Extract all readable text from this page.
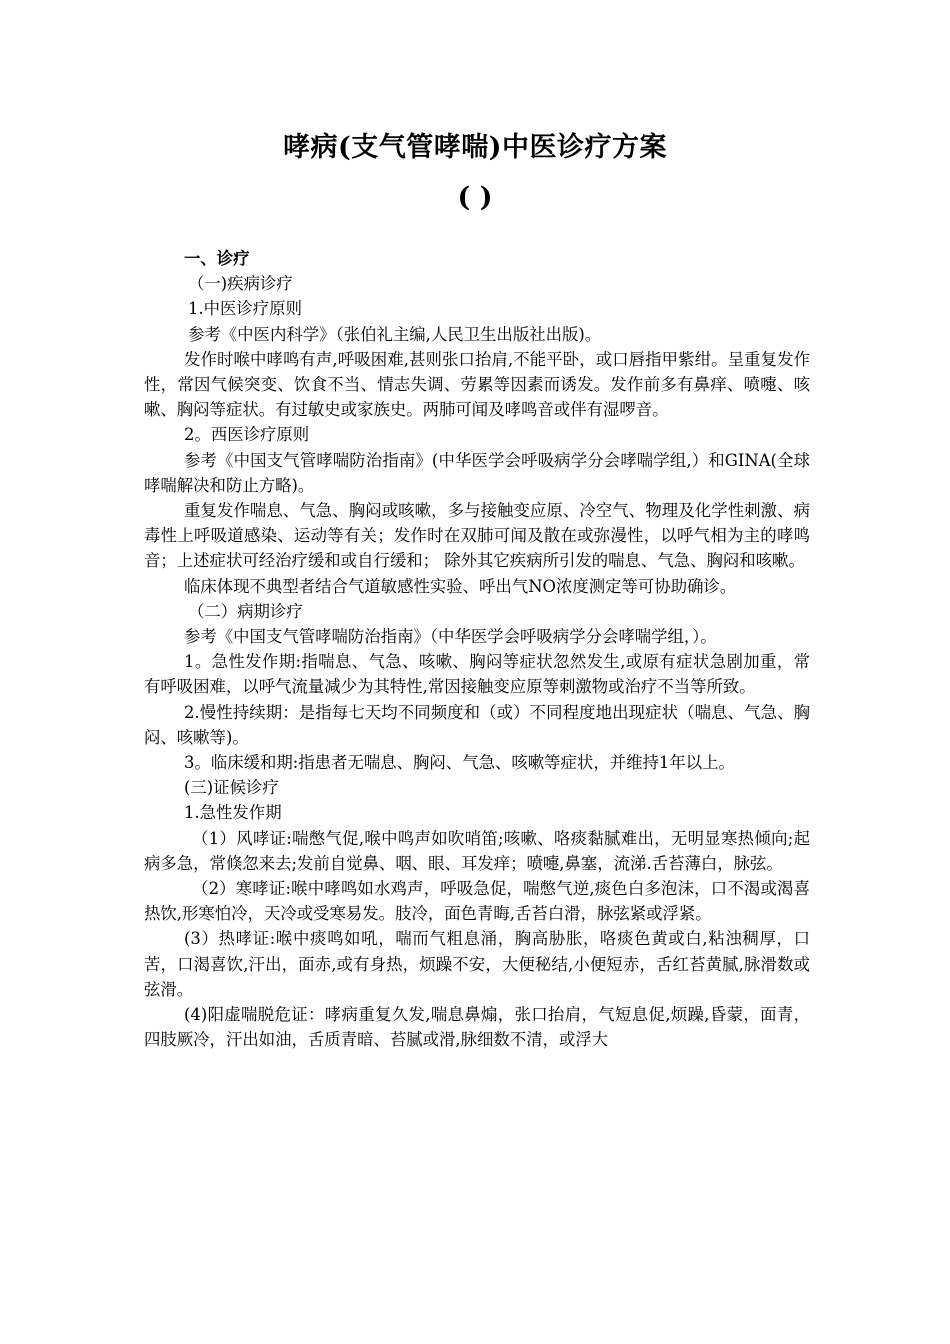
哮病(支气管哮喘)中医诊疗方案
( )

一、诊疗

（一)疾病诊疗

1.中医诊疗原则

参考《中医内科学》（张伯礼主编,人民卫生出版社出版)。

发作时喉中哮鸣有声,呼吸困难,甚则张口抬肩,不能平卧，或口唇指甲紫绀。呈重复发作性，常因气候突变、饮食不当、情志失调、劳累等因素而诱发。发作前多有鼻痒、喷嚏、咳嗽、胸闷等症状。有过敏史或家族史。两肺可闻及哮鸣音或伴有湿啰音。

2。西医诊疗原则

参考《中国支气管哮喘防治指南》(中华医学会呼吸病学分会哮喘学组,）和GINA(全球哮喘解决和防止方略)。

重复发作喘息、气急、胸闷或咳嗽，多与接触变应原、冷空气、物理及化学性刺激、病毒性上呼吸道感染、运动等有关；发作时在双肺可闻及散在或弥漫性，以呼气相为主的哮鸣音；上述症状可经治疗缓和或自行缓和； 除外其它疾病所引发的喘息、气急、胸闷和咳嗽。

临床体现不典型者结合气道敏感性实验、呼出气NO浓度测定等可协助确诊。

（二）病期诊疗

参考《中国支气管哮喘防治指南》（中华医学会呼吸病学分会哮喘学组，）。

1。急性发作期:指喘息、气急、咳嗽、胸闷等症状忽然发生,或原有症状急剧加重，常有呼吸困难，以呼气流量减少为其特性,常因接触变应原等刺激物或治疗不当等所致。

2.慢性持续期：是指每七天均不同频度和（或）不同程度地出现症状（喘息、气急、胸闷、咳嗽等)。

3。临床缓和期:指患者无喘息、胸闷、气急、咳嗽等症状，并维持1年以上。

(三)证候诊疗

1.急性发作期

（1）风哮证:喘憋气促,喉中鸣声如吹哨笛;咳嗽、咯痰黏腻难出，无明显寒热倾向;起病多急，常倏忽来去;发前自觉鼻、咽、眼、耳发痒；喷嚏,鼻塞，流涕.舌苔薄白，脉弦。

（2）寒哮证:喉中哮鸣如水鸡声，呼吸急促，喘憋气逆,痰色白多泡沫，口不渴或渴喜热饮,形寒怕冷，天冷或受寒易发。肢冷，面色青晦,舌苔白滑，脉弦紧或浮紧。

(3）热哮证:喉中痰鸣如吼，喘而气粗息涌，胸高胁胀，咯痰色黄或白,粘浊稠厚，口苦，口渴喜饮,汗出，面赤,或有身热，烦躁不安，大便秘结,小便短赤，舌红苔黄腻,脉滑数或弦滑。

(4)阳虚喘脱危证：哮病重复久发,喘息鼻煽，张口抬肩，气短息促,烦躁,昏蒙，面青，四肢厥冷，汗出如油，舌质青暗、苔腻或滑,脉细数不清，或浮大
